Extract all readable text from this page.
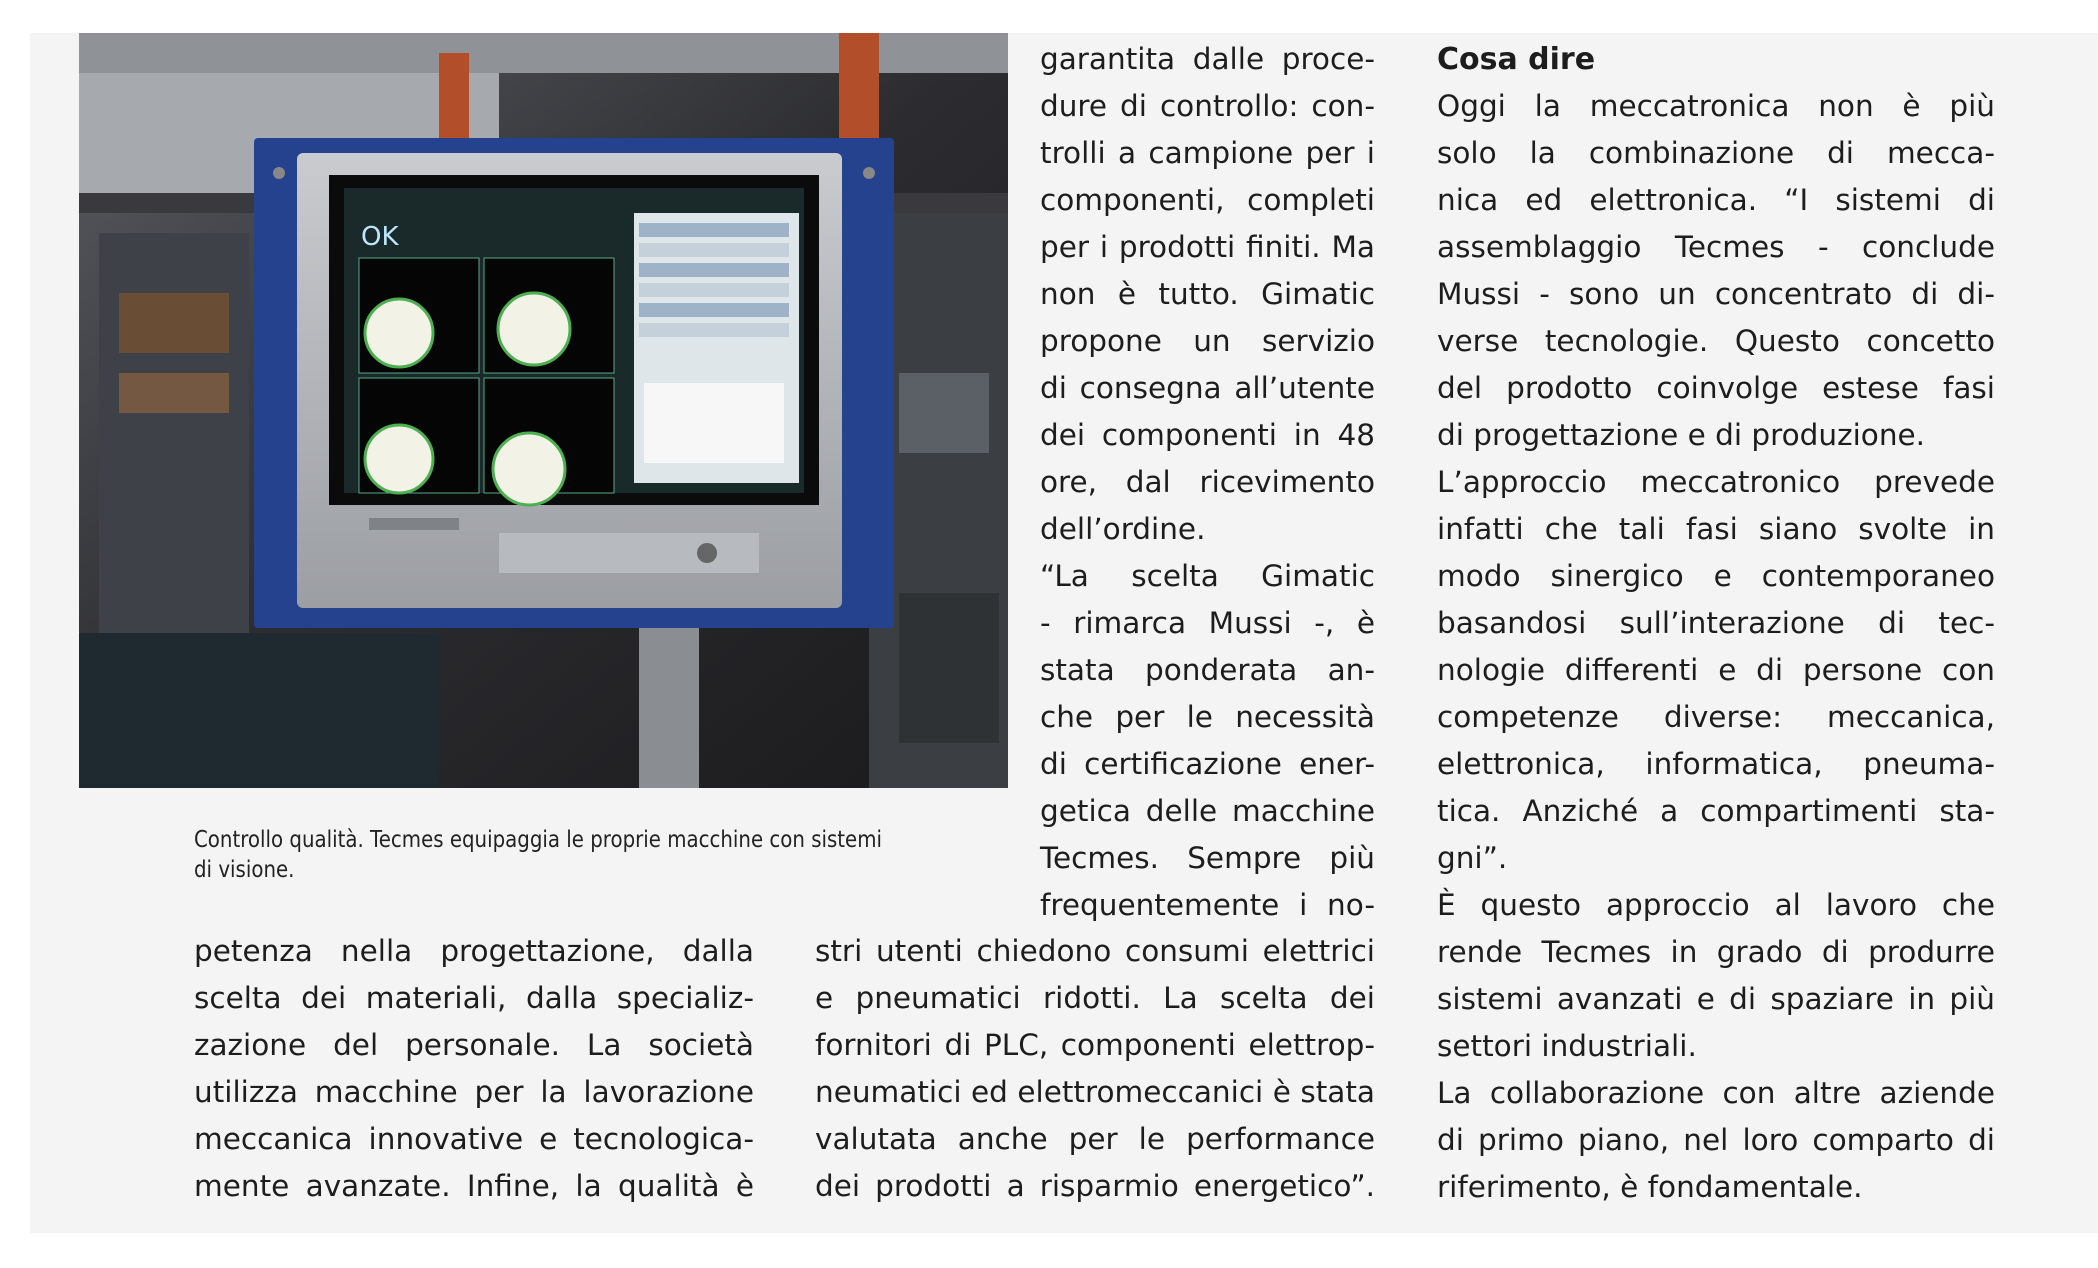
OK
Controllo qualità. Tecmes equipaggia le proprie macchine con sistemi
di visione.
garantita dalle proce-
dure di controllo: con-
trolli a campione per i
componenti, completi
per i prodotti finiti. Ma
non è tutto. Gimatic
propone un servizio
di consegna all’utente
dei componenti in 48
ore, dal ricevimento
dell’ordine.
“La scelta Gimatic
- rimarca Mussi -, è
stata ponderata an-
che per le necessità
di certificazione ener-
getica delle macchine
Tecmes. Sempre più
frequentemente i no-
Cosa dire
Oggi la meccatronica non è più
solo la combinazione di mecca-
nica ed elettronica. “I sistemi di
assemblaggio Tecmes - conclude
Mussi - sono un concentrato di di-
verse tecnologie. Questo concetto
del prodotto coinvolge estese fasi
di progettazione e di produzione.
L’approccio meccatronico prevede
infatti che tali fasi siano svolte in
modo sinergico e contemporaneo
basandosi sull’interazione di tec-
nologie differenti e di persone con
competenze diverse: meccanica,
elettronica, informatica, pneuma-
tica. Anziché a compartimenti sta-
gni”.
È questo approccio al lavoro che
rende Tecmes in grado di produrre
sistemi avanzati e di spaziare in più
settori industriali.
La collaborazione con altre aziende
di primo piano, nel loro comparto di
riferimento, è fondamentale.
petenza nella progettazione, dalla
scelta dei materiali, dalla specializ-
zazione del personale. La società
utilizza macchine per la lavorazione
meccanica innovative e tecnologica-
mente avanzate. Infine, la qualità è
stri utenti chiedono consumi elettrici
e pneumatici ridotti. La scelta dei
fornitori di PLC, componenti elettrop-
neumatici ed elettromeccanici è stata
valutata anche per le performance
dei prodotti a risparmio energetico”.
